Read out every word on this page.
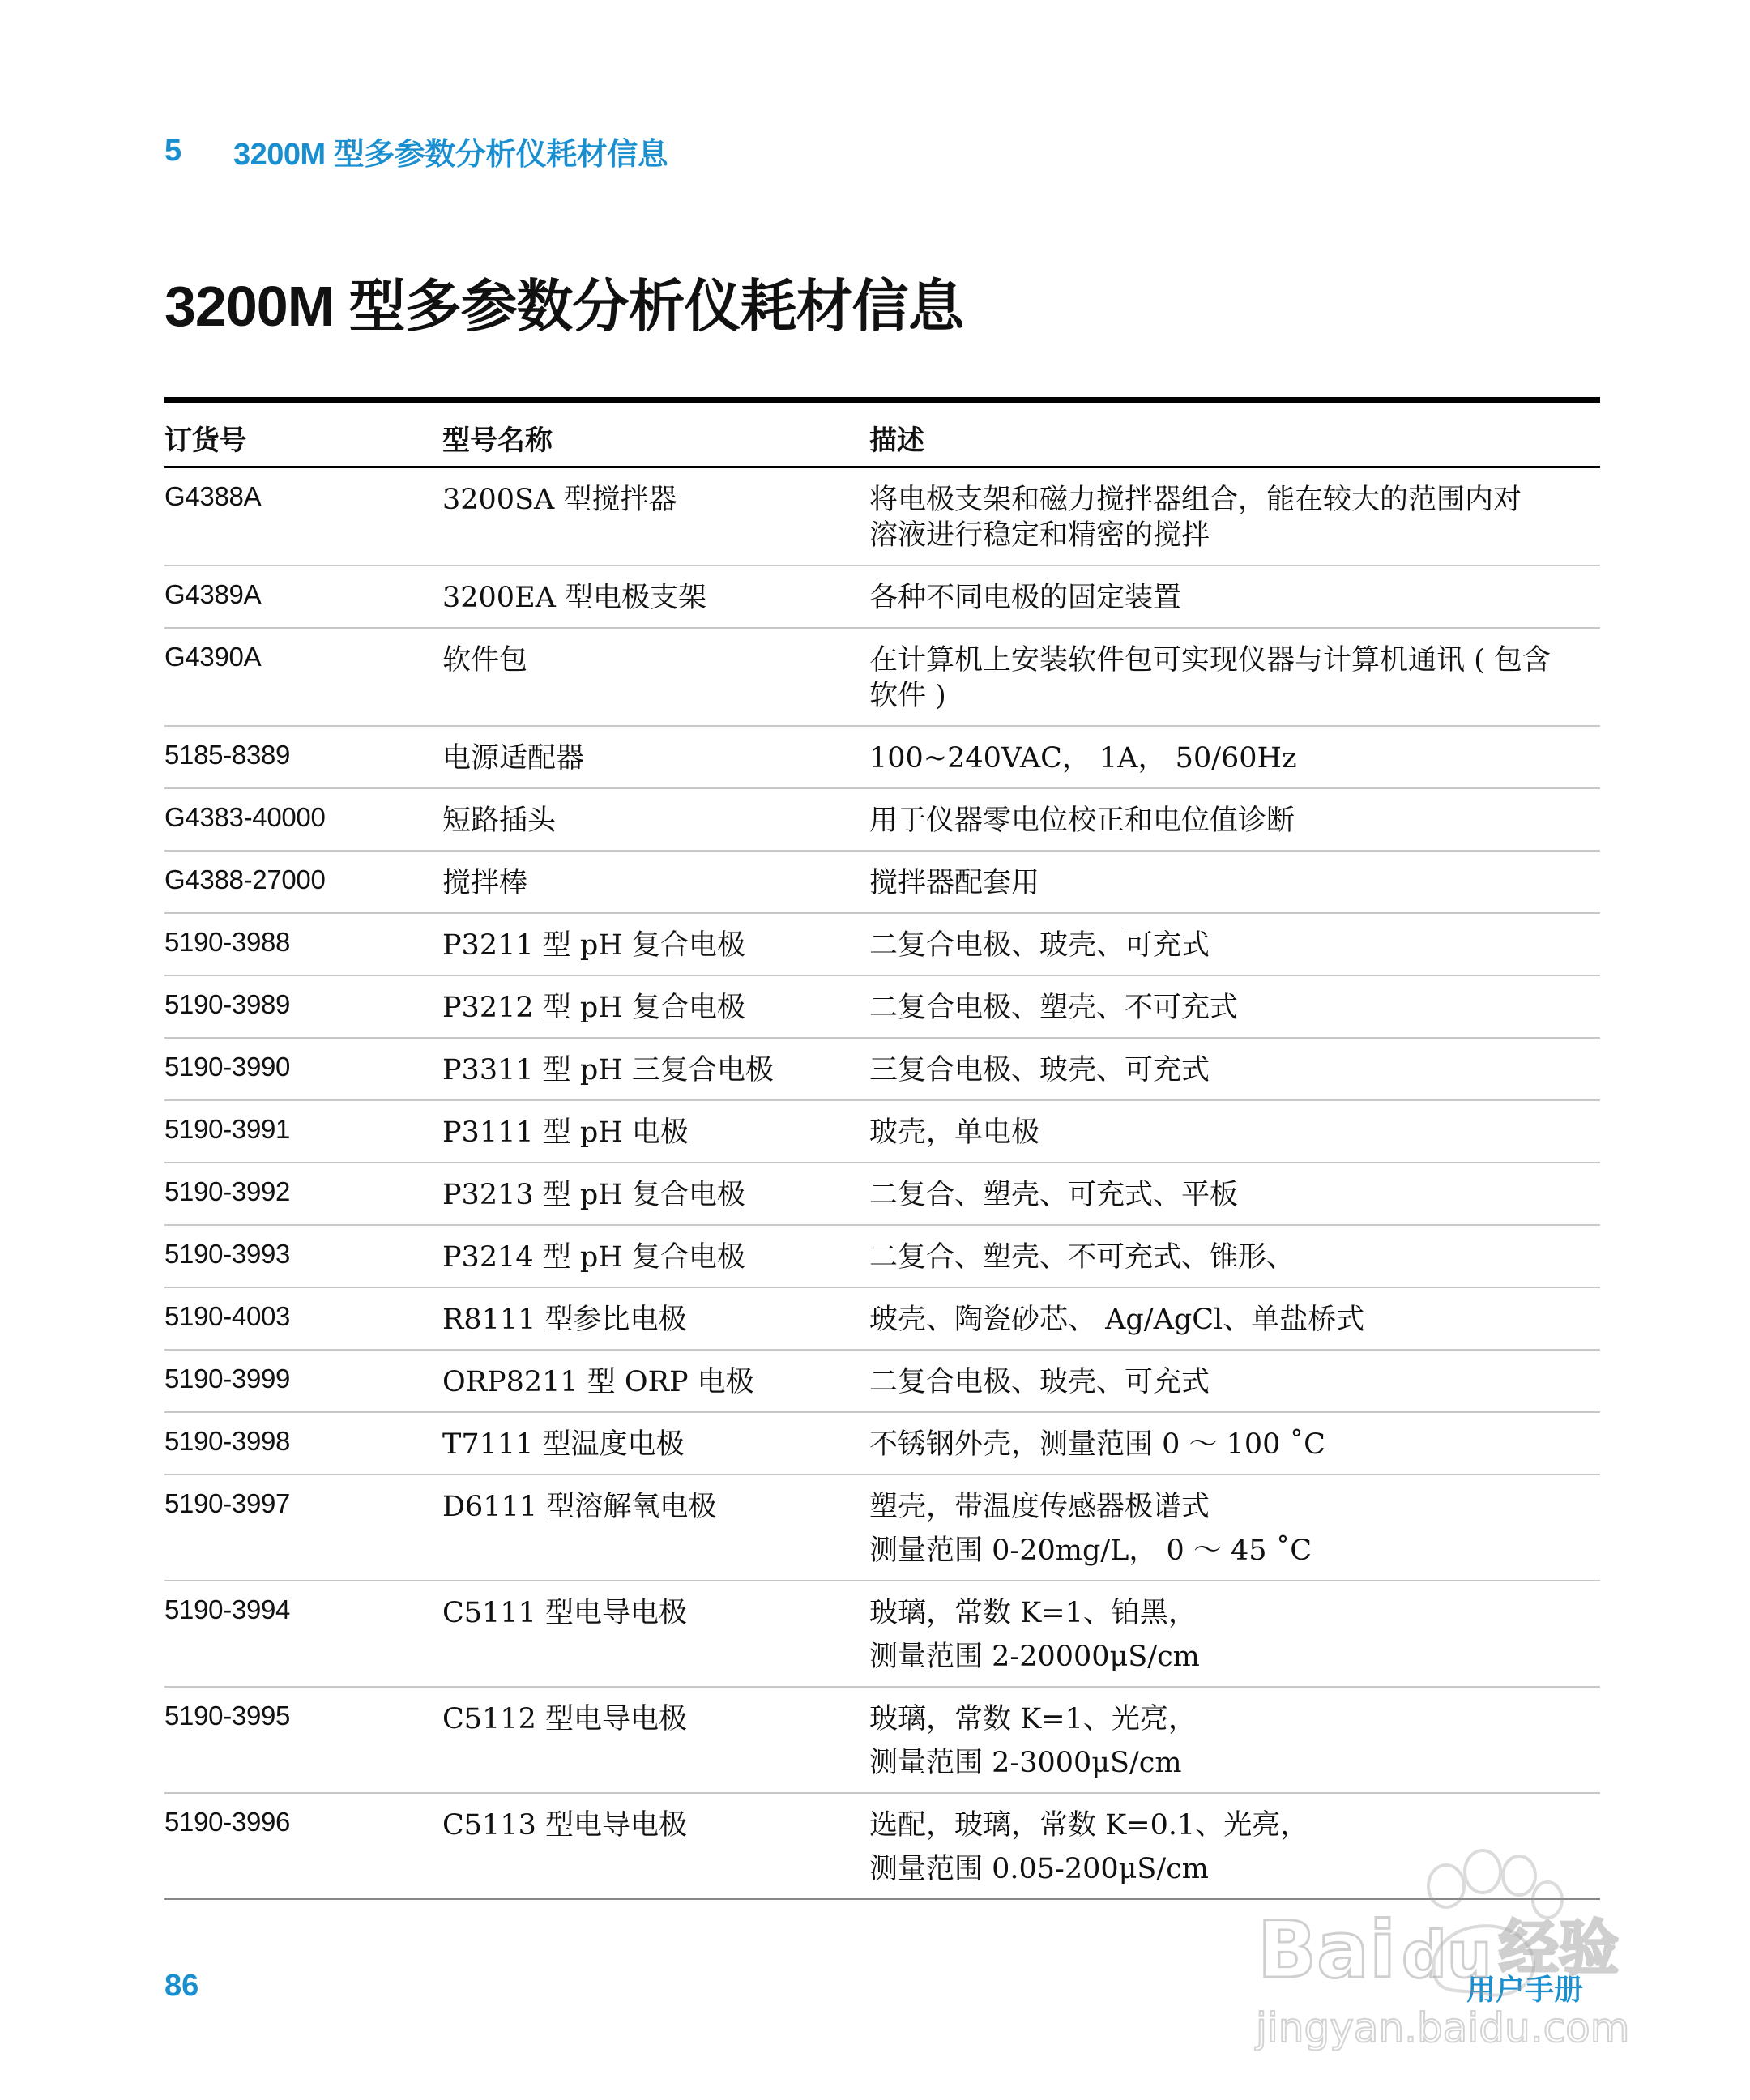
5	3200M 型多参数分析仪耗材信息
3200M 型多参数分析仪耗材信息
订货号	型号名称	描述
G4388A	3200SA 型搅拌器	将电极支架和磁力搅拌器组合，能在较大的范围内对
溶液进行稳定和精密的搅拌
G4389A	3200EA 型电极支架	各种不同电极的固定装置
G4390A	软件包	在计算机上安装软件包可实现仪器与计算机通讯 ( 包含
软件 )
5185-8389	电源适配器	100~240VAC， 1A， 50/60Hz
G4383-40000	短路插头	用于仪器零电位校正和电位值诊断
G4388-27000	搅拌棒	搅拌器配套用
5190-3988	P3211 型 pH 复合电极	二复合电极、玻壳、可充式
5190-3989	P3212 型 pH 复合电极	二复合电极、塑壳、不可充式
5190-3990	P3311 型 pH 三复合电极	三复合电极、玻壳、可充式
5190-3991	P3111 型 pH 电极	玻壳，单电极
5190-3992	P3213 型 pH 复合电极	二复合、塑壳、可充式、平板
5190-3993	P3214 型 pH 复合电极	二复合、塑壳、不可充式、锥形、
5190-4003	R8111 型参比电极	玻壳、陶瓷砂芯、 Ag/AgCl、单盐桥式
5190-3999	ORP8211 型 ORP 电极	二复合电极、玻壳、可充式
5190-3998	T7111 型温度电极	不锈钢外壳，测量范围 0 ～ 100 ˚C
5190-3997	D6111 型溶解氧电极	塑壳，带温度传感器极谱式
测量范围 0-20mg/L， 0 ～ 45 ˚C
5190-3994	C5111 型电导电极	玻璃，常数 K=1、铂黑，
测量范围 2-20000μS/cm
5190-3995	C5112 型电导电极	玻璃，常数 K=1、光亮，
测量范围 2-3000μS/cm
5190-3996	C5113 型电导电极	选配，玻璃，常数 K=0.1、光亮，
测量范围 0.05-200μS/cm
86	用户手册
Bai du 经验
jingyan.baidu.com
